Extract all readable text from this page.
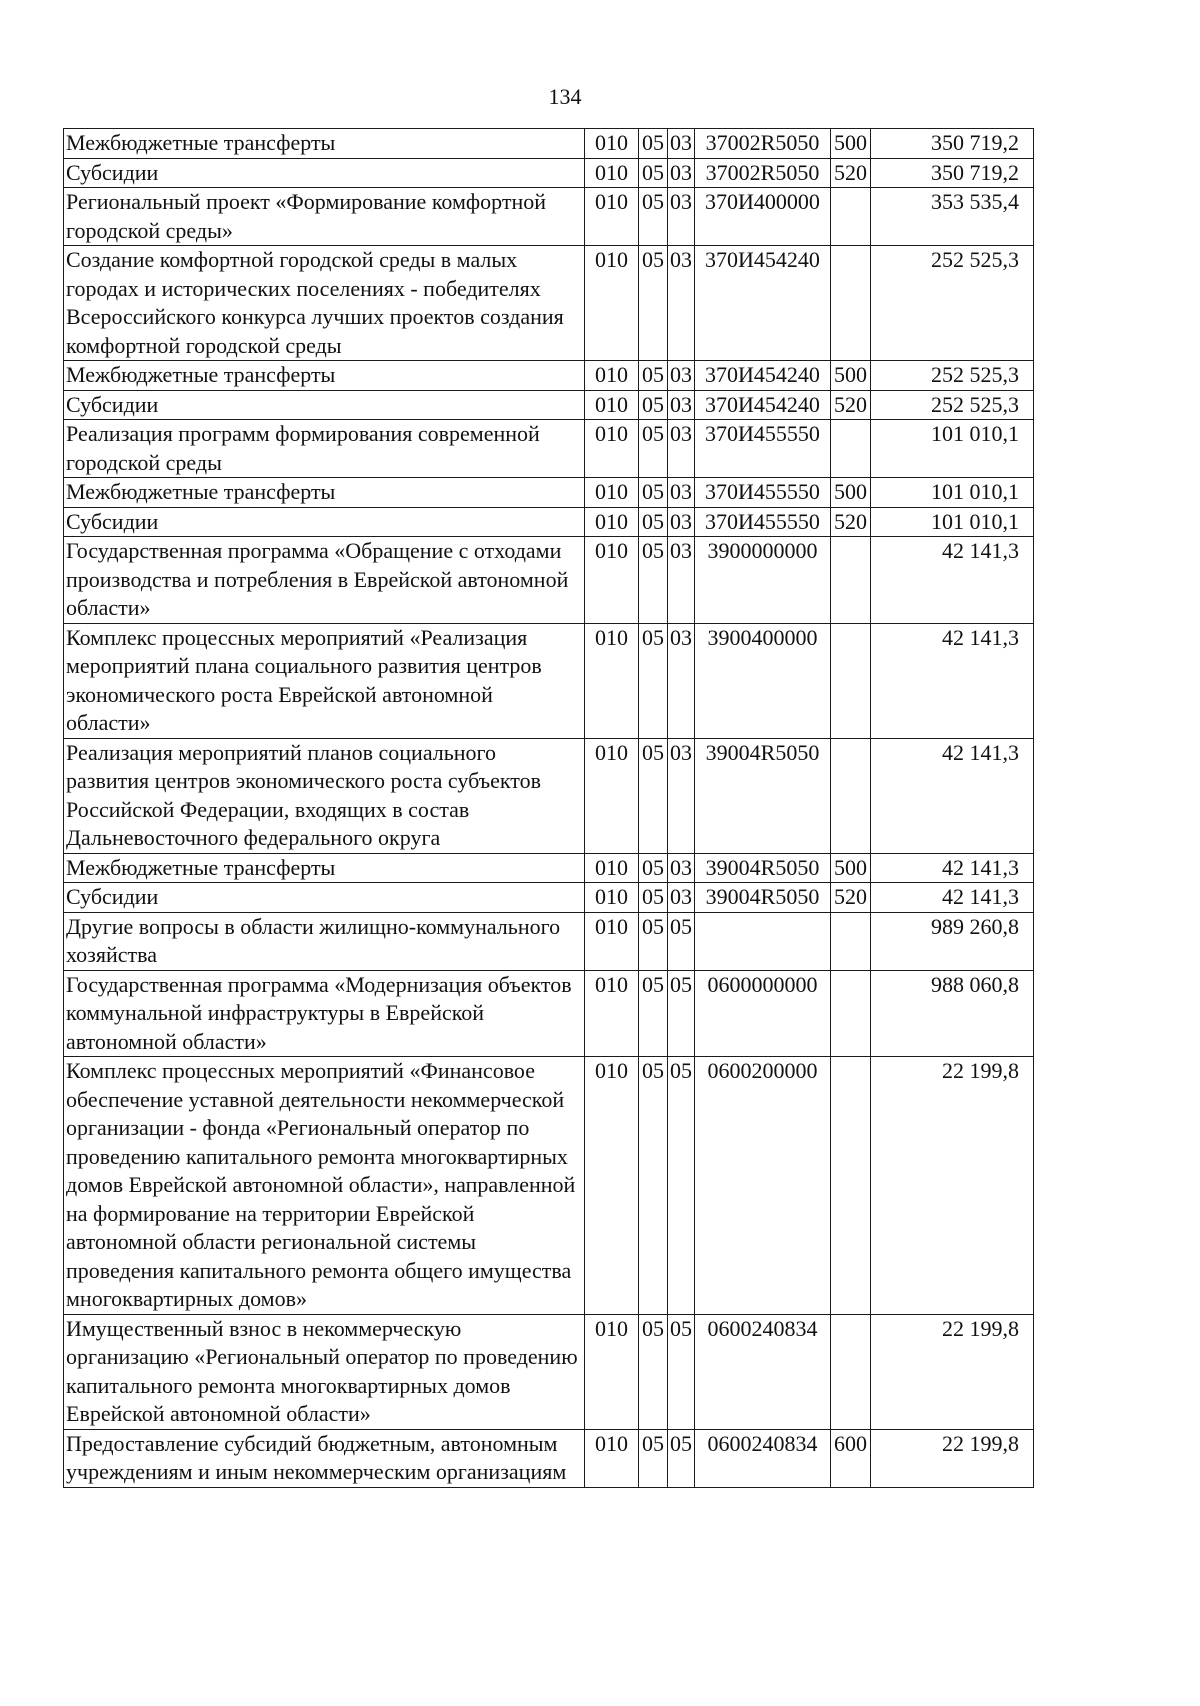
134
Межбюджетные трансферты	010	05	03	37002R5050	500	350 719,2
Субсидии	010	05	03	37002R5050	520	350 719,2
Региональный проект «Формирование комфортной городской среды»	010	05	03	370И400000		353 535,4
Создание комфортной городской среды в малых городах и исторических поселениях - победителях Всероссийского конкурса лучших проектов создания комфортной городской среды	010	05	03	370И454240		252 525,3
Межбюджетные трансферты	010	05	03	370И454240	500	252 525,3
Субсидии	010	05	03	370И454240	520	252 525,3
Реализация программ формирования современной городской среды	010	05	03	370И455550		101 010,1
Межбюджетные трансферты	010	05	03	370И455550	500	101 010,1
Субсидии	010	05	03	370И455550	520	101 010,1
Государственная программа «Обращение с отходами производства и потребления в Еврейской автономной области»	010	05	03	3900000000		42 141,3
Комплекс процессных мероприятий «Реализация мероприятий плана социального развития центров экономического роста Еврейской автономной области»	010	05	03	3900400000		42 141,3
Реализация мероприятий планов социального развития центров экономического роста субъектов Российской Федерации, входящих в состав Дальневосточного федерального округа	010	05	03	39004R5050		42 141,3
Межбюджетные трансферты	010	05	03	39004R5050	500	42 141,3
Субсидии	010	05	03	39004R5050	520	42 141,3
Другие вопросы в области жилищно-коммунального хозяйства	010	05	05			989 260,8
Государственная программа «Модернизация объектов коммунальной инфраструктуры в Еврейской автономной области»	010	05	05	0600000000		988 060,8
Комплекс процессных мероприятий «Финансовое обеспечение уставной деятельности некоммерческой организации - фонда «Региональный оператор по проведению капитального ремонта многоквартирных домов Еврейской автономной области», направленной на формирование на территории Еврейской автономной области региональной системы проведения капитального ремонта общего имущества многоквартирных домов»	010	05	05	0600200000		22 199,8
Имущественный взнос в некоммерческую организацию «Региональный оператор по проведению капитального ремонта многоквартирных домов Еврейской автономной области»	010	05	05	0600240834		22 199,8
Предоставление субсидий бюджетным, автономным учреждениям и иным некоммерческим организациям	010	05	05	0600240834	600	22 199,8
